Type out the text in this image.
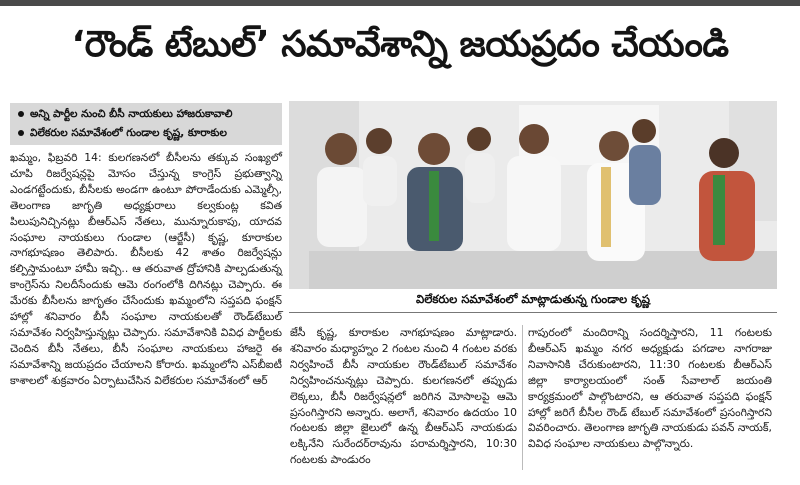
‘రౌండ్ టేబుల్’ సమావేశాన్ని జయప్రదం చేయండి
అన్ని పార్టీల నుంచి బీసీ నాయకులు హాజరుకావాలి
విలేకరుల సమావేశంలో గుండాల కృష్ణ, కూరాకుల

ఖమ్మం, ఫిబ్రవరి 14: కులగణనలో బీసీలను తక్కువ సంఖ్యలో చూపి రిజర్వేషన్లపై మోసం చేస్తున్న కాంగ్రెస్ ప్రభుత్వాన్ని ఎండగట్టేందుకు, బీసీలకు అండగా ఉంటూ పోరాడేందుకు ఎమ్మెల్సీ, తెలంగాణ జాగృతి అధ్యక్షురాలు కల్వకుంట్ల కవిత పిలుపునిచ్చినట్లు బీఆర్ఎస్ నేతలు, మున్నూరుకాపు, యాదవ సంఘాల నాయకులు గుండాల (ఆర్జేసీ) కృష్ణ, కూరాకుల నాగభూషణం తెలిపారు. బీసీలకు 42 శాతం రిజర్వేషన్లు కల్పిస్తామంటూ హామీ ఇచ్చి.. ఆ తరువాత ద్రోహానికి పాల్పడుతున్న కాంగ్రెస్‌ను నిలదీసేందుకు ఆమె రంగంలోకి దిగినట్లు చెప్పారు. ఈ మేరకు బీసీలను జాగృతం చేసేందుకు ఖమ్మంలోని సప్తపది ఫంక్షన్ హాల్లో శనివారం బీసీ సంఘాల నాయకులతో రౌండ్‌టేబుల్ సమావేశం నిర్వహిస్తున్నట్లు చెప్పారు. సమావేశానికి వివిధ పార్టీలకు చెందిన బీసీ నేతలు, బీసీ సంఘాల నాయకులు హాజరై ఈ సమావేశాన్ని జయప్రదం చేయాలని కోరారు. ఖమ్మంలోని ఎస్‌బీఐటీ కాశాలలో శుక్రవారం ఏర్పాటుచేసిన విలేకరుల సమావేశంలో ఆర్

విలేకరుల సమావేశంలో మాట్లాడుతున్న గుండాల కృష్ణ

జేసీ కృష్ణ, కూరాకుల నాగభూషణం మాట్లాడారు. శనివారం మధ్యాహ్నం 2 గంటల నుంచి 4 గంటల వరకు నిర్వహించే బీసీ నాయకుల రౌండ్‌టేబుల్ సమావేశం నిర్వహించనున్నట్లు చెప్పారు. కులగణనలో తప్పుడు లెక్కలు, బీసీ రిజర్వేషన్లలో జరిగిన మోసాలపై ఆమె ప్రసంగిస్తారని అన్నారు. అలాగే, శనివారం ఉదయం 10 గంటలకు జిల్లా జైలులో ఉన్న బీఆర్ఎస్ నాయకుడు లక్కినేని సురేందర్‌రావును పరామర్శిస్తారని, 10:30 గంటలకు పాండురం

గాపురంలో మందిరాన్ని సందర్శిస్తారని, 11 గంటలకు బీఆర్ఎస్ ఖమ్మం నగర అధ్యక్షుడు పగడాల నాగరాజు నివాసానికి చేరుకుంటారని, 11:30 గంటలకు బీఆర్ఎస్ జిల్లా కార్యాలయంలో సంత్ సేవాలాల్ జయంతి కార్యక్రమంలో పాల్గొంటారని, ఆ తరువాత సప్తపది ఫంక్షన్ హాల్లో జరిగే బీసీల రౌండ్ టేబుల్ సమావేశంలో ప్రసంగిస్తారని వివరించారు. తెలంగాణ జాగృతి నాయకుడు పవన్ నాయక్, వివిధ సంఘాల నాయకులు పాల్గొన్నారు.
